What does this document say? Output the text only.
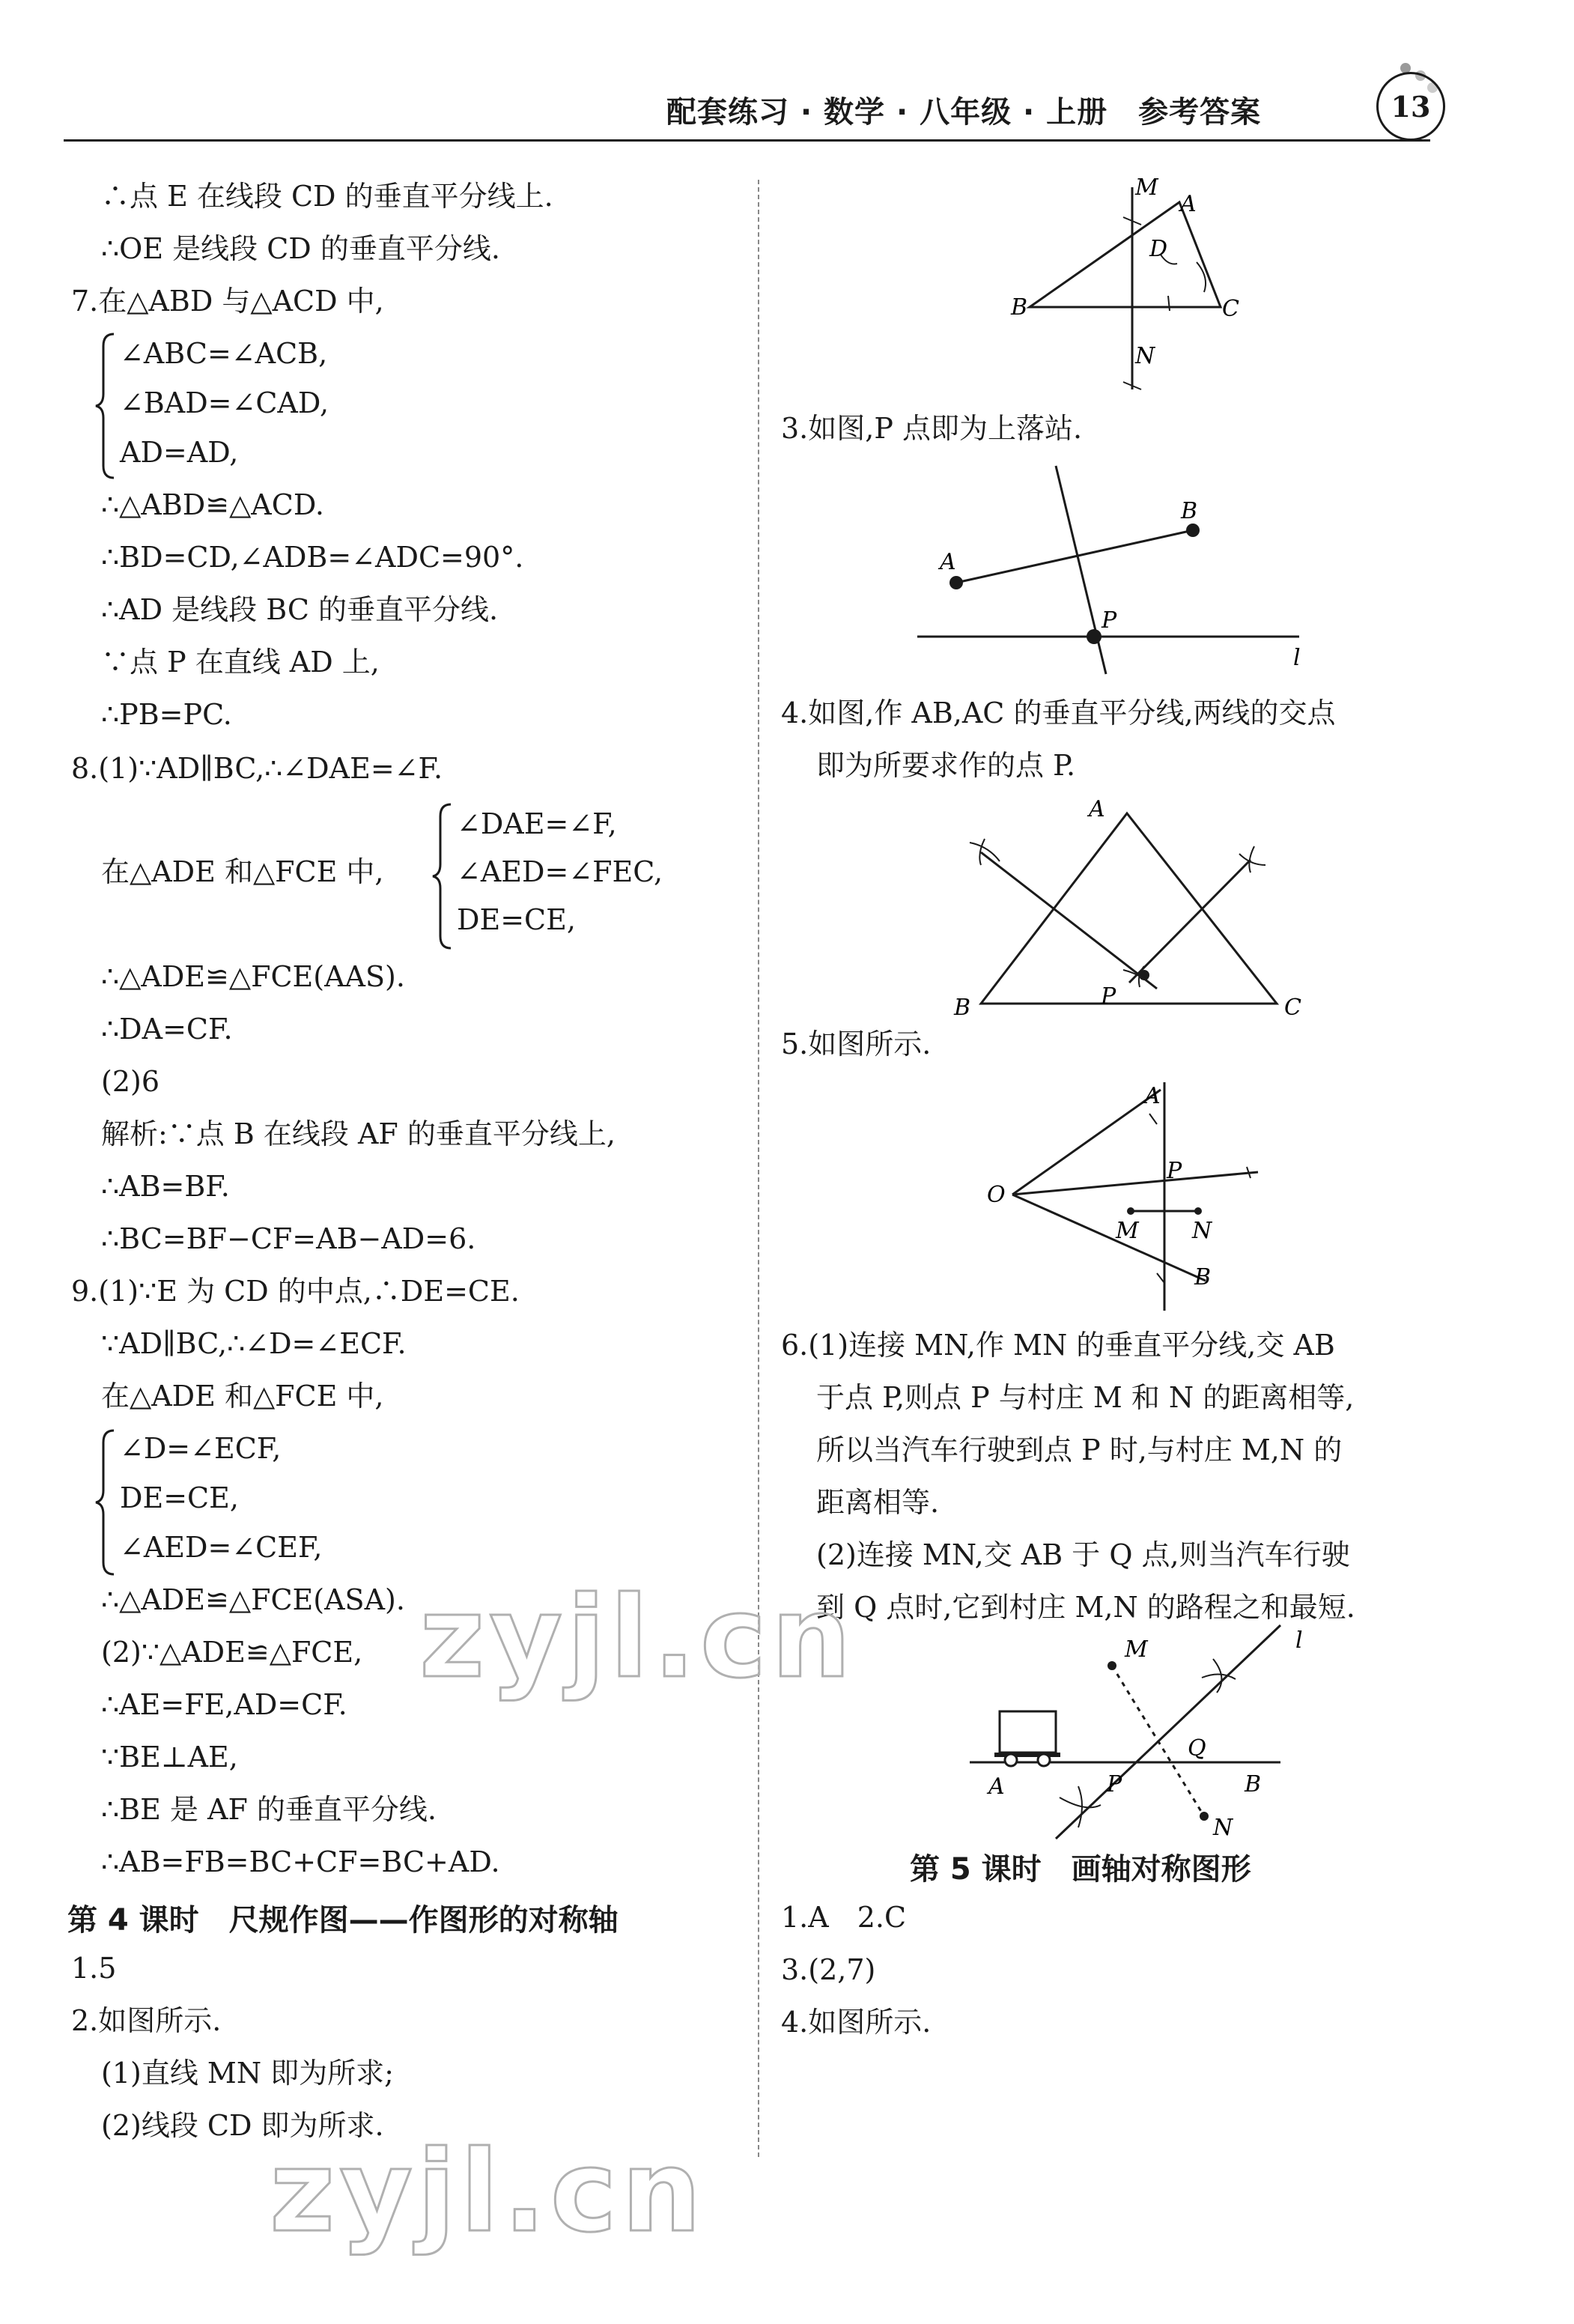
配套练习 · 数学 · 八年级 · 上册　参考答案	13
∴点 E 在线段 CD 的垂直平分线上.
∴OE 是线段 CD 的垂直平分线.
7.在△ABD 与△ACD 中,
∠ABC=∠ACB,
∠BAD=∠CAD,
AD=AD,
∴△ABD≌△ACD.
∴BD=CD,∠ADB=∠ADC=90°.
∴AD 是线段 BC 的垂直平分线.
∵点 P 在直线 AD 上,
∴PB=PC.
8.(1)∵AD∥BC,∴∠DAE=∠F.
∠DAE=∠F,
在△ADE 和△FCE 中,	∠AED=∠FEC,
DE=CE,
∴△ADE≌△FCE(AAS).
∴DA=CF.
(2)6
解析:∵点 B 在线段 AF 的垂直平分线上,
∴AB=BF.
∴BC=BF−CF=AB−AD=6.
9.(1)∵E 为 CD 的中点,∴DE=CE.
∵AD∥BC,∴∠D=∠ECF.
在△ADE 和△FCE 中,
∠D=∠ECF,
DE=CE,
∠AED=∠CEF,
∴△ADE≌△FCE(ASA).
(2)∵△ADE≌△FCE,
∴AE=FE,AD=CF.
∵BE⊥AE,
∴BE 是 AF 的垂直平分线.
∴AB=FB=BC+CF=BC+AD.
第 4 课时　尺规作图——作图形的对称轴
1.5
2.如图所示.
(1)直线 MN 即为所求;
(2)线段 CD 即为所求.
M
A
D
B	C
N
3.如图,P 点即为上落站.
A
B
P
l
4.如图,作 AB,AC 的垂直平分线,两线的交点
即为所要求作的点 P.
A
B	C
P
5.如图所示.
A
O
P
M N
B
6.(1)连接 MN,作 MN 的垂直平分线,交 AB
于点 P,则点 P 与村庄 M 和 N 的距离相等,
所以当汽车行驶到点 P 时,与村庄 M,N 的
距离相等.
(2)连接 MN,交 AB 于 Q 点,则当汽车行驶
到 Q 点时,它到村庄 M,N 的路程之和最短.
M	l
Q
A	P	B
N
第 5 课时　画轴对称图形
1.A　2.C
3.(2,7)
4.如图所示.
zyjl.cn
zyjl.cn
